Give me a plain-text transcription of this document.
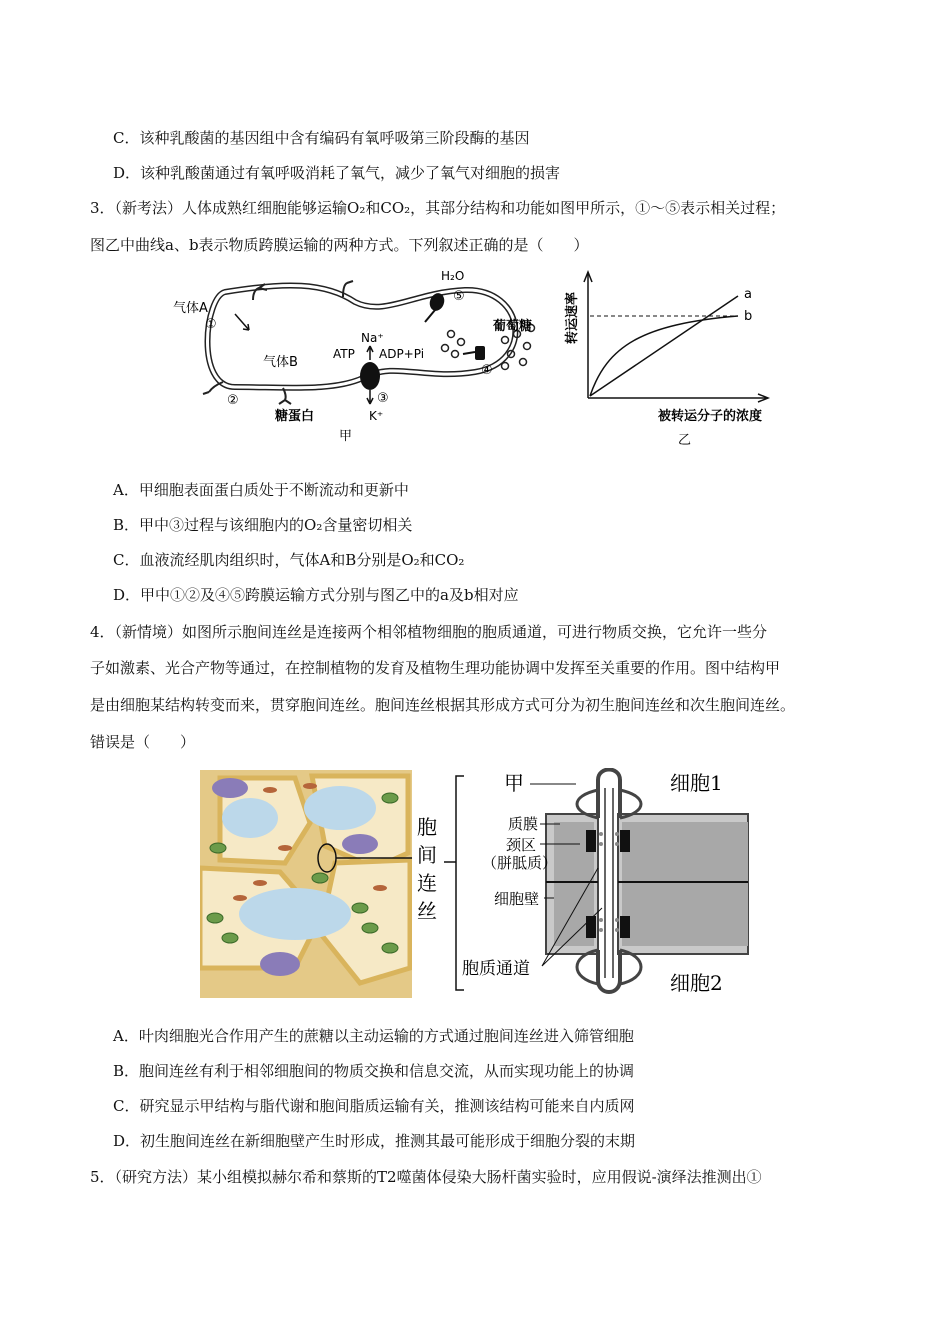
C．该种乳酸菌的基因组中含有编码有氧呼吸第三阶段酶的基因
D．该种乳酸菌通过有氧呼吸消耗了氧气，减少了氧气对细胞的损害
3．（新考法）人体成熟红细胞能够运输O₂和CO₂，其部分结构和功能如图甲所示，①～⑤表示相关过程；
图乙中曲线a、b表示物质跨膜运输的两种方式。下列叙述正确的是（　　）
气体A
①
气体B
②
糖蛋白
H₂O
⑤
Na⁺
ATP ADP+Pi
③
K⁺
葡萄糖
④
甲
a
b
转运速率
被转运分子的浓度
乙
A．甲细胞表面蛋白质处于不断流动和更新中
B．甲中③过程与该细胞内的O₂含量密切相关
C．血液流经肌肉组织时，气体A和B分别是O₂和CO₂
D．甲中①②及④⑤跨膜运输方式分别与图乙中的a及b相对应
4．（新情境）如图所示胞间连丝是连接两个相邻植物细胞的胞质通道，可进行物质交换，它允许一些分
子如激素、光合产物等通过，在控制植物的发育及植物生理功能协调中发挥至关重要的作用。图中结构甲
是由细胞某结构转变而来，贯穿胞间连丝。胞间连丝根据其形成方式可分为初生胞间连丝和次生胞间连丝。
错误是（　　）
胞
间
连
丝
甲
质膜
颈区
（胼胝质）
细胞壁
胞质通道
细胞1
细胞2
A．叶肉细胞光合作用产生的蔗糖以主动运输的方式通过胞间连丝进入筛管细胞
B．胞间连丝有利于相邻细胞间的物质交换和信息交流，从而实现功能上的协调
C．研究显示甲结构与脂代谢和胞间脂质运输有关，推测该结构可能来自内质网
D．初生胞间连丝在新细胞壁产生时形成，推测其最可能形成于细胞分裂的末期
5．（研究方法）某小组模拟赫尔希和蔡斯的T2噬菌体侵染大肠杆菌实验时，应用假说-演绎法推测出①
